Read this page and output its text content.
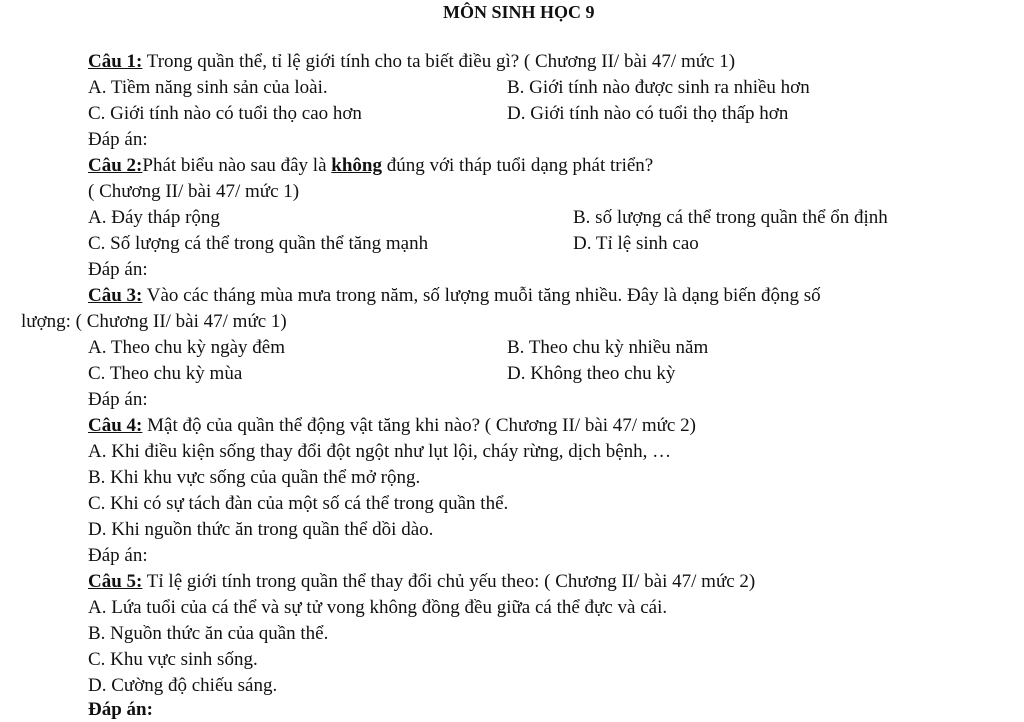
MÔN SINH HỌC 9
Câu 1: Trong quần thể, tỉ lệ giới tính cho ta biết điều gì? ( Chương II/ bài 47/ mức 1)
A. Tiềm năng sinh sản của loài.	B. Giới tính nào được sinh ra nhiều hơn
C. Giới tính nào có tuổi thọ cao hơn	D. Giới tính nào có tuổi thọ thấp hơn
Đáp án:
Câu 2:Phát biểu nào sau đây là không đúng với tháp tuổi dạng phát triển?
( Chương II/ bài 47/ mức 1)
A. Đáy tháp rộng	B. số lượng cá thể trong quần thể ổn định
C. Số lượng cá thể trong quần thể tăng mạnh	D. Tỉ lệ sinh cao
Đáp án:
Câu 3: Vào các tháng mùa mưa trong năm, số lượng muỗi tăng nhiều. Đây là dạng biến động số
lượng: ( Chương II/ bài 47/ mức 1)
A. Theo chu kỳ ngày đêm	B. Theo chu kỳ nhiều năm
C. Theo chu kỳ mùa	D. Không theo chu kỳ
Đáp án:
Câu 4: Mật độ của quần thể động vật tăng khi nào? ( Chương II/ bài 47/ mức 2)
A. Khi điều kiện sống thay đổi đột ngột như lụt lội, cháy rừng, dịch bệnh, …
B. Khi khu vực sống của quần thể mở rộng.
C. Khi có sự tách đàn của một số cá thể trong quần thể.
D. Khi nguồn thức ăn trong quần thể dồi dào.
Đáp án:
Câu 5: Tỉ lệ giới tính trong quần thể thay đổi chủ yếu theo: ( Chương II/ bài 47/ mức 2)
A. Lứa tuổi của cá thể và sự tử vong không đồng đều giữa cá thể đực và cái.
B. Nguồn thức ăn của quần thể.
C. Khu vực sinh sống.
D. Cường độ chiếu sáng.
Đáp án:
